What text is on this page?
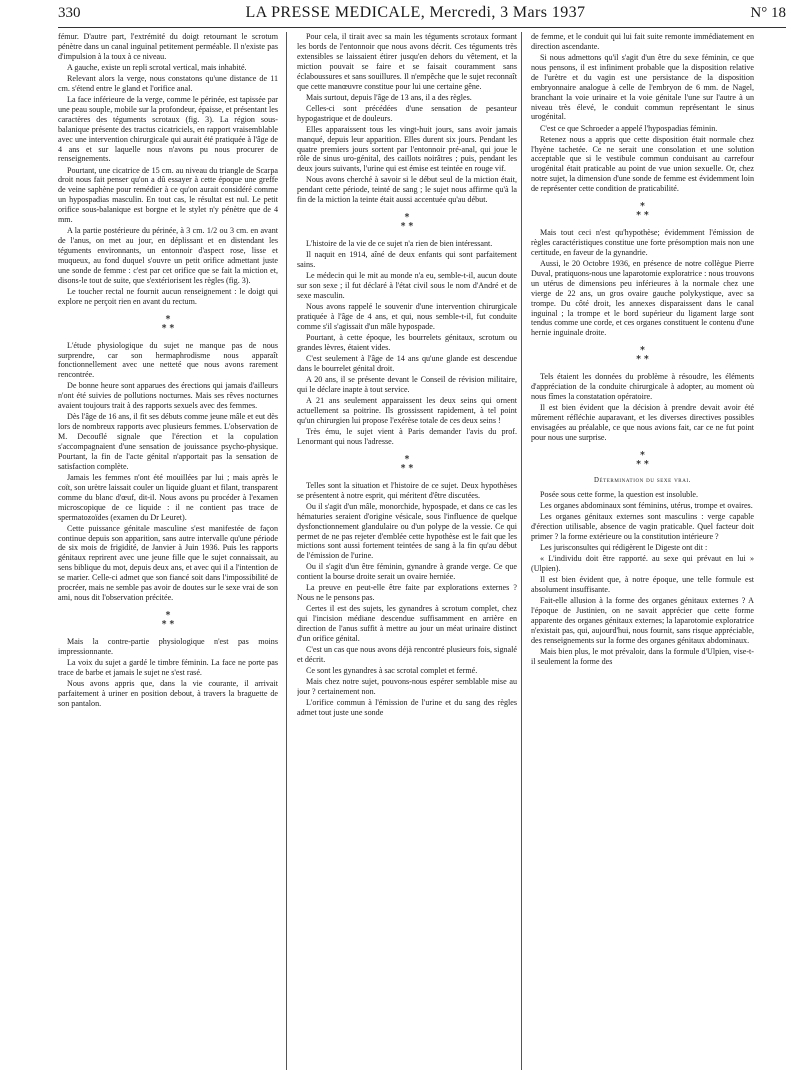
330	LA PRESSE MEDICALE, Mercredi, 3 Mars 1937	N° 18

fémur. D'autre part, l'extrémité du doigt retournant le scrotum pénètre dans un canal inguinal petitement perméable. Il n'existe pas d'impulsion à la toux à ce niveau.

A gauche, existe un repli scrotal vertical, mais inhabité.

Relevant alors la verge, nous constatons qu'une distance de 11 cm. s'étend entre le gland et l'orifice anal.

La face inférieure de la verge, comme le périnée, est tapissée par une peau souple, mobile sur la profondeur, épaisse, et présentant les caractères des téguments scrotaux (fig. 3). La région sous-balanique présente des tractus cicatriciels, en rapport vraisemblable avec une intervention chirurgicale qui aurait été pratiquée à l'âge de 4 ans et sur laquelle nous n'avons pu nous procurer de renseignements.

Pourtant, une cicatrice de 15 cm. au niveau du triangle de Scarpa droit nous fait penser qu'on a dû essayer à cette époque une greffe de veine saphène pour remédier à ce qu'on aurait considéré comme un hypospadias masculin. En tout cas, le résultat est nul. Le petit orifice sous-balanique est borgne et le stylet n'y pénètre que de 4 mm.

A la partie postérieure du périnée, à 3 cm. 1/2 ou 3 cm. en avant de l'anus, on met au jour, en déplissant et en distendant les téguments environnants, un entonnoir d'aspect rose, lisse et muqueux, au fond duquel s'ouvre un petit orifice admettant juste une sonde de femme : c'est par cet orifice que se fait la miction et, disons-le tout de suite, que s'extériorisent les règles (fig. 3).

Le toucher rectal ne fournit aucun renseignement : le doigt qui explore ne perçoit rien en avant du rectum.

*
* *

L'étude physiologique du sujet ne manque pas de nous surprendre, car son hermaphrodisme nous apparaît fonctionnellement avec une netteté que nous avons rarement rencontrée.

De bonne heure sont apparues des érections qui jamais d'ailleurs n'ont été suivies de pollutions nocturnes. Mais ses rêves nocturnes avaient toujours trait à des rapports sexuels avec des femmes.

Dès l'âge de 16 ans, il fit ses débuts comme jeune mâle et eut dès lors de nombreux rapports avec plusieurs femmes. L'observation de M. Decouflé signale que l'érection et la copulation s'accompagnaient d'une sensation de jouissance psycho-physique. Pourtant, la fin de l'acte génital n'apportait pas la sensation de satisfaction complète.

Jamais les femmes n'ont été mouillées par lui ; mais après le coït, son urètre laissait couler un liquide gluant et filant, transparent comme du blanc d'œuf, dit-il. Nous avons pu procéder à l'examen microscopique de ce liquide : il ne contient pas trace de spermatozoïdes (examen du Dr Leuret).

Cette puissance génitale masculine s'est manifestée de façon continue depuis son apparition, sans autre intervalle qu'une période de six mois de frigidité, de Janvier à Juin 1936. Puis les rapports génitaux reprirent avec une jeune fille que le sujet connaissait, au sens biblique du mot, depuis deux ans, et avec qui il a l'intention de se marier. Celle-ci admet que son fiancé soit dans l'impossibilité de procréer, mais ne semble pas avoir de doutes sur le sexe vrai de son ami, nous dit l'observation précitée.

*
* *

Mais la contre-partie physiologique n'est pas moins impressionnante.

La voix du sujet a gardé le timbre féminin. La face ne porte pas trace de barbe et jamais le sujet ne s'est rasé.

Nous avons appris que, dans la vie courante, il arrivait parfaitement à uriner en position debout, à travers la braguette de son pantalon.

Pour cela, il tirait avec sa main les téguments scrotaux formant les bords de l'entonnoir que nous avons décrit. Ces téguments très extensibles se laissaient étirer jusqu'en dehors du vêtement, et la miction pouvait se faire et se faisait couramment sans éclaboussures et sans souillures. Il n'empêche que le sujet reconnaît que cette manœuvre constitue pour lui une certaine gêne.

Mais surtout, depuis l'âge de 13 ans, il a des règles.

Celles-ci sont précédées d'une sensation de pesanteur hypogastrique et de douleurs.

Elles apparaissent tous les vingt-huit jours, sans avoir jamais manqué, depuis leur apparition. Elles durent six jours. Pendant les quatre premiers jours sortent par l'entonnoir pré-anal, qui joue le rôle de sinus uro-génital, des caillots noirâtres ; puis, pendant les deux jours suivants, l'urine qui est émise est teintée en rouge vif.

Nous avons cherché à savoir si le début seul de la miction était, pendant cette période, teinté de sang ; le sujet nous affirme qu'à la fin de la miction la teinte était aussi accentuée qu'au début.

*
* *

L'histoire de la vie de ce sujet n'a rien de bien intéressant.

Il naquit en 1914, aîné de deux enfants qui sont parfaitement sains.

Le médecin qui le mit au monde n'a eu, semble-t-il, aucun doute sur son sexe ; il fut déclaré à l'état civil sous le nom d'André et de sexe masculin.

Nous avons rappelé le souvenir d'une intervention chirurgicale pratiquée à l'âge de 4 ans, et qui, nous semble-t-il, fut conduite comme s'il s'agissait d'un mâle hypospade.

Pourtant, à cette époque, les bourrelets génitaux, scrotum ou grandes lèvres, étaient vides.

C'est seulement à l'âge de 14 ans qu'une glande est descendue dans le bourrelet génital droit.

A 20 ans, il se présente devant le Conseil de révision militaire, qui le déclare inapte à tout service.

A 21 ans seulement apparaissent les deux seins qui ornent actuellement sa poitrine. Ils grossissent rapidement, à tel point qu'un chirurgien lui propose l'exérèse totale de ces deux seins !

Très ému, le sujet vient à Paris demander l'avis du prof. Lenormant qui nous l'adresse.

*
* *

Telles sont la situation et l'histoire de ce sujet. Deux hypothèses se présentent à notre esprit, qui méritent d'être discutées.

Ou il s'agit d'un mâle, monorchide, hypospade, et dans ce cas les hématuries seraient d'origine vésicale, sous l'influence de quelque dysfonctionnement glandulaire ou d'un polype de la vessie. Ce qui permet de ne pas rejeter d'emblée cette hypothèse est le fait que les mictions sont aussi fortement teintées de sang à la fin qu'au début de l'émission de l'urine.

Ou il s'agit d'un être féminin, gynandre à grande verge. Ce que contient la bourse droite serait un ovaire herniée.

La preuve en peut-elle être faite par explorations externes ? Nous ne le pensons pas.

Certes il est des sujets, les gynandres à scrotum complet, chez qui l'incision médiane descendue suffisamment en arrière en direction de l'anus suffit à mettre au jour un méat urinaire distinct d'un orifice génital.

C'est un cas que nous avons déjà rencontré plusieurs fois, signalé et décrit.

Ce sont les gynandres à sac scrotal complet et fermé.

Mais chez notre sujet, pouvons-nous espérer semblable mise au jour ? certainement non.

L'orifice commun à l'émission de l'urine et du sang des règles admet tout juste une sonde

de femme, et le conduit qui lui fait suite remonte immédiatement en direction ascendante.

Si nous admettons qu'il s'agit d'un être du sexe féminin, ce que nous pensons, il est infiniment probable que la disposition relative de l'urètre et du vagin est une persistance de la disposition embryonnaire analogue à celle de l'embryon de 6 mm. de Nagel, branchant la voie urinaire et la voie génitale l'une sur l'autre à un niveau très élevé, le conduit commun représentant le sinus urogénital.

C'est ce que Schroeder a appelé l'hypospadias féminin.

Retenez nous a appris que cette disposition était normale chez l'hyène tachetée. Ce ne serait une consolation et une solution acceptable que si le vestibule commun conduisant au carrefour urogénital était praticable au point de vue union sexuelle. Or, chez notre sujet, la dimension d'une sonde de femme est évidemment loin de représenter cette condition de praticabilité.

*
* *

Mais tout ceci n'est qu'hypothèse; évidemment l'émission de règles caractéristiques constitue une forte présomption mais non une certitude, en faveur de la gynandrie.

Aussi, le 20 Octobre 1936, en présence de notre collègue Pierre Duval, pratiquons-nous une laparotomie exploratrice : nous trouvons un utérus de dimensions peu inférieures à la normale chez une vierge de 22 ans, un gros ovaire gauche polykystique, avec sa trompe. Du côté droit, les annexes disparaissent dans le canal inguinal ; la trompe et le bord supérieur du ligament large sont tendus comme une corde, et ces organes constituent le contenu d'une hernie inguinale droite.

*
* *

Tels étaient les données du problème à résoudre, les éléments d'appréciation de la conduite chirurgicale à adopter, au moment où nous fîmes la constatation opératoire.

Il est bien évident que la décision à prendre devait avoir été mûrement réfléchie auparavant, et les diverses directives possibles envisagées au préalable, ce que nous avions fait, car ce ne fut point pour nous une surprise.

*
* *
Détermination du sexe vrai.

Posée sous cette forme, la question est insoluble.

Les organes abdominaux sont féminins, utérus, trompe et ovaires.

Les organes génitaux externes sont masculins : verge capable d'érection utilisable, absence de vagin praticable. Quel facteur doit primer ? la forme extérieure ou la constitution intérieure ?

Les jurisconsultes qui rédigèrent le Digeste ont dit :

« L'individu doit être rapporté. au sexe qui prévaut en lui » (Ulpien).

Il est bien évident que, à notre époque, une telle formule est absolument insuffisante.

Fait-elle allusion à la forme des organes génitaux externes ? A l'époque de Justinien, on ne savait apprécier que cette forme apparente des organes génitaux externes; la laparotomie exploratrice n'existait pas, qui, aujourd'hui, nous fournit, sans risque appréciable, des renseignements sur la forme des organes génitaux abdominaux.

Mais bien plus, le mot prévaloir, dans la formule d'Ulpien, vise-t-il seulement la forme des
